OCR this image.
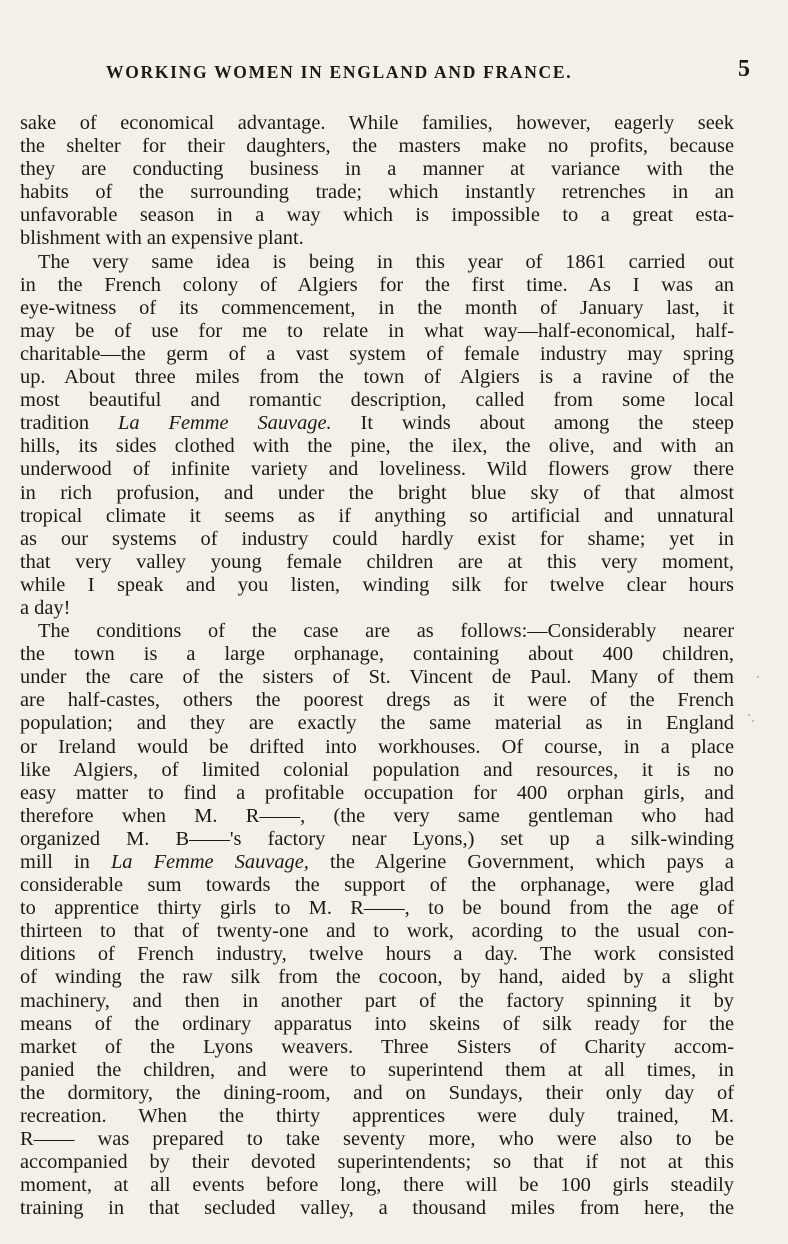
WORKING WOMEN IN ENGLAND AND FRANCE.	5
sake of economical advantage. While families, however, eagerly seek
the shelter for their daughters, the masters make no profits, because
they are conducting business in a manner at variance with the
habits of the surrounding trade; which instantly retrenches in an
unfavorable season in a way which is impossible to a great esta-
blishment with an expensive plant.
The very same idea is being in this year of 1861 carried out
in the French colony of Algiers for the first time. As I was an
eye-witness of its commencement, in the month of January last, it
may be of use for me to relate in what way—half-economical, half-
charitable—the germ of a vast system of female industry may spring
up. About three miles from the town of Algiers is a ravine of the
most beautiful and romantic description, called from some local
tradition La Femme Sauvage. It winds about among the steep
hills, its sides clothed with the pine, the ilex, the olive, and with an
underwood of infinite variety and loveliness. Wild flowers grow there
in rich profusion, and under the bright blue sky of that almost
tropical climate it seems as if anything so artificial and unnatural
as our systems of industry could hardly exist for shame; yet in
that very valley young female children are at this very moment,
while I speak and you listen, winding silk for twelve clear hours
a day!
The conditions of the case are as follows:—Considerably nearer
the town is a large orphanage, containing about 400 children,
under the care of the sisters of St. Vincent de Paul. Many of them
are half-castes, others the poorest dregs as it were of the French
population; and they are exactly the same material as in England
or Ireland would be drifted into workhouses. Of course, in a place
like Algiers, of limited colonial population and resources, it is no
easy matter to find a profitable occupation for 400 orphan girls, and
therefore when M. R——, (the very same gentleman who had
organized M. B——'s factory near Lyons,) set up a silk-winding
mill in La Femme Sauvage, the Algerine Government, which pays a
considerable sum towards the support of the orphanage, were glad
to apprentice thirty girls to M. R——, to be bound from the age of
thirteen to that of twenty-one and to work, acording to the usual con-
ditions of French industry, twelve hours a day. The work consisted
of winding the raw silk from the cocoon, by hand, aided by a slight
machinery, and then in another part of the factory spinning it by
means of the ordinary apparatus into skeins of silk ready for the
market of the Lyons weavers. Three Sisters of Charity accom-
panied the children, and were to superintend them at all times, in
the dormitory, the dining-room, and on Sundays, their only day of
recreation. When the thirty apprentices were duly trained, M.
R—— was prepared to take seventy more, who were also to be
accompanied by their devoted superintendents; so that if not at this
moment, at all events before long, there will be 100 girls steadily
training in that secluded valley, a thousand miles from here, the
